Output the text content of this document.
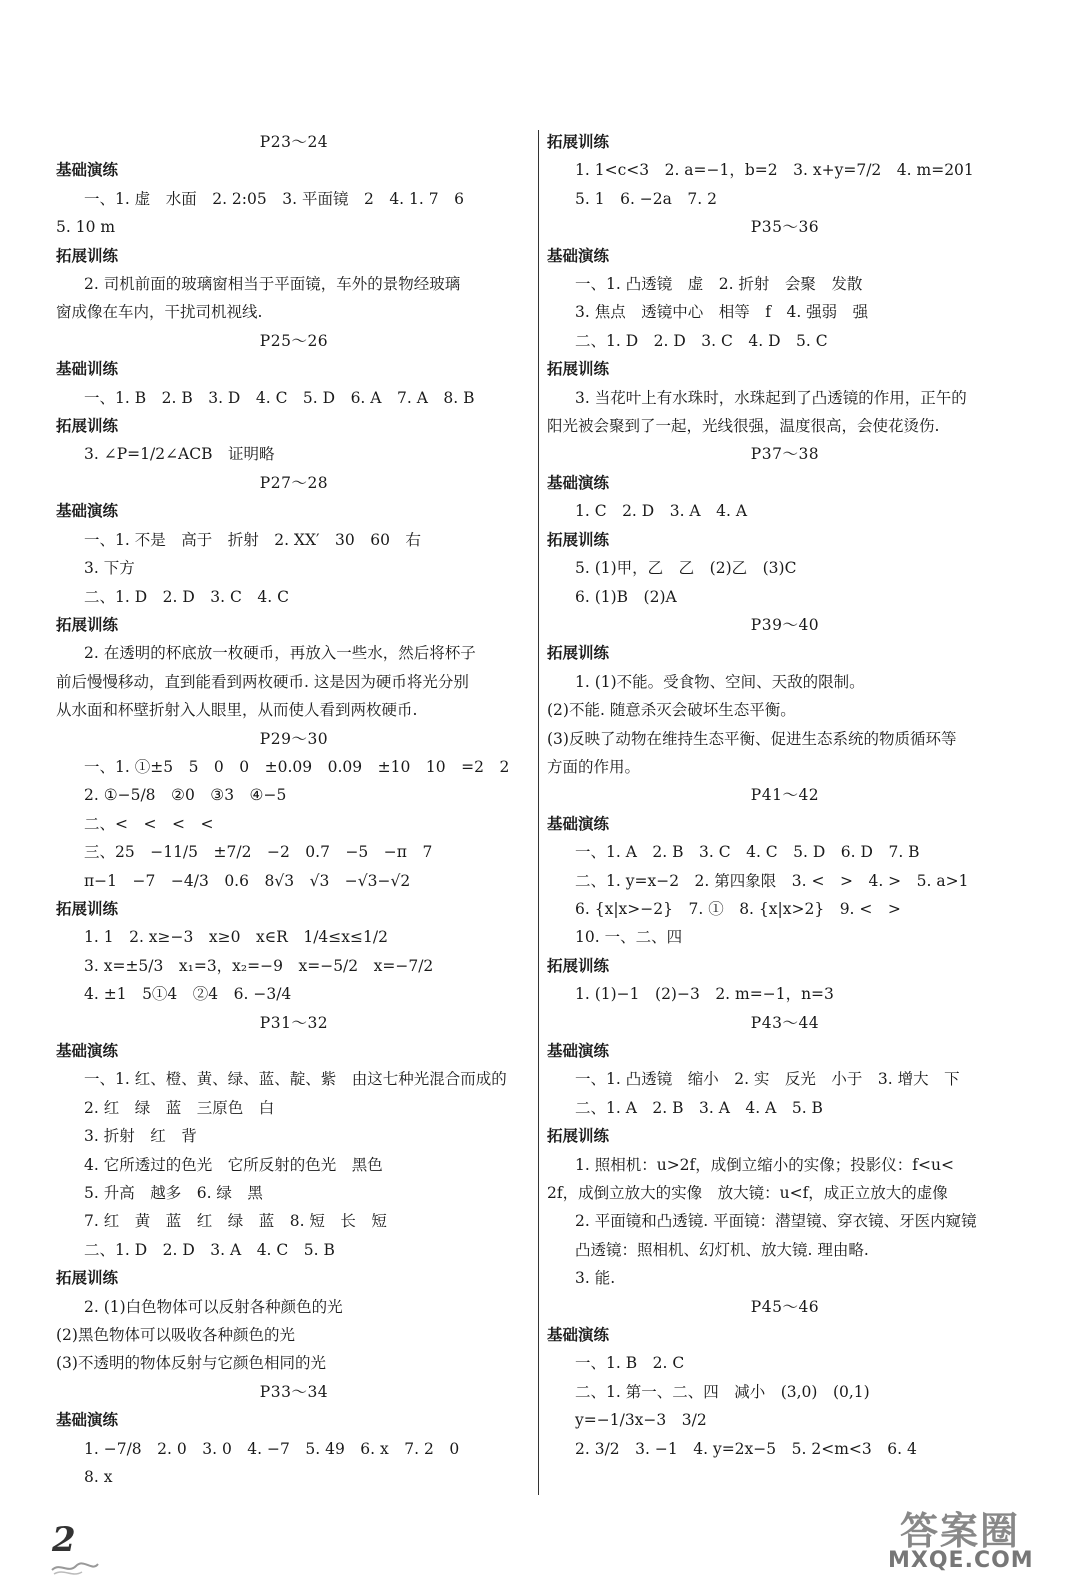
P23～24
基础演练
一、1. 虚　水面　2. 2:05　3. 平面镜　2　4. 1. 7　6
5. 10 m
拓展训练
2. 司机前面的玻璃窗相当于平面镜，车外的景物经玻璃
窗成像在车内，干扰司机视线.
P25～26
基础训练
一、1. B　2. B　3. D　4. C　5. D　6. A　7. A　8. B
拓展训练
3. ∠P=1/2∠ACB　证明略
P27～28
基础演练
一、1. 不是　高于　折射　2. XX′　30　60　右
3. 下方
二、1. D　2. D　3. C　4. C
拓展训练
2. 在透明的杯底放一枚硬币，再放入一些水，然后将杯子
前后慢慢移动，直到能看到两枚硬币. 这是因为硬币将光分别
从水面和杯壁折射入人眼里，从而使人看到两枚硬币.
P29～30
一、1. ①±5　5　0　0　±0.09　0.09　±10　10　=2　2
2. ①−5/8　②0　③3　④−5
二、<　<　<　<
三、25　−11/5　±7/2　−2　0.7　−5　−π　7
π−1　−7　−4/3　0.6　8√3　√3　−√3−√2
拓展训练
1. 1　2. x≥−3　x≥0　x∈R　1/4≤x≤1/2
3. x=±5/3　x₁=3，x₂=−9　x=−5/2　x=−7/2
4. ±1　5①4　②4　6. −3/4
P31～32
基础演练
一、1. 红、橙、黄、绿、蓝、靛、紫　由这七种光混合而成的
2. 红　绿　蓝　三原色　白
3. 折射　红　背
4. 它所透过的色光　它所反射的色光　黑色
5. 升高　越多　6. 绿　黑
7. 红　黄　蓝　红　绿　蓝　8. 短　长　短
二、1. D　2. D　3. A　4. C　5. B
拓展训练
2. (1)白色物体可以反射各种颜色的光
(2)黑色物体可以吸收各种颜色的光
(3)不透明的物体反射与它颜色相同的光
P33～34
基础演练
1. −7/8　2. 0　3. 0　4. −7　5. 49　6. x　7. 2　0
8. x
拓展训练
1. 1<c<3　2. a=−1，b=2　3. x+y=7/2　4. m=201
5. 1　6. −2a　7. 2
P35～36
基础演练
一、1. 凸透镜　虚　2. 折射　会聚　发散
3. 焦点　透镜中心　相等　f　4. 强弱　强
二、1. D　2. D　3. C　4. D　5. C
拓展训练
3. 当花叶上有水珠时，水珠起到了凸透镜的作用，正午的
阳光被会聚到了一起，光线很强，温度很高，会使花烫伤.
P37～38
基础演练
1. C　2. D　3. A　4. A
拓展训练
5. (1)甲，乙　乙　(2)乙　(3)C
6. (1)B　(2)A
P39～40
拓展训练
1. (1)不能。受食物、空间、天敌的限制。
(2)不能. 随意杀灭会破坏生态平衡。
(3)反映了动物在维持生态平衡、促进生态系统的物质循环等
方面的作用。
P41～42
基础演练
一、1. A　2. B　3. C　4. C　5. D　6. D　7. B
二、1. y=x−2　2. 第四象限　3. <　>　4. >　5. a>1
6. {x|x>−2}　7. ①　8. {x|x>2}　9. <　>
10. 一、二、四
拓展训练
1. (1)−1　(2)−3　2. m=−1，n=3
P43～44
基础演练
一、1. 凸透镜　缩小　2. 实　反光　小于　3. 增大　下
二、1. A　2. B　3. A　4. A　5. B
拓展训练
1. 照相机：u>2f，成倒立缩小的实像；投影仪：f<u<
2f，成倒立放大的实像　放大镜：u<f，成正立放大的虚像
2. 平面镜和凸透镜. 平面镜：潜望镜、穿衣镜、牙医内窥镜
凸透镜：照相机、幻灯机、放大镜. 理由略.
3. 能.
P45～46
基础演练
一、1. B　2. C
二、1. 第一、二、四　减小　(3,0)　(0,1)
y=−1/3x−3　3/2
2. 3/2　3. −1　4. y=2x−5　5. 2<m<3　6. 4
2	答案圈
MXQE.COM
